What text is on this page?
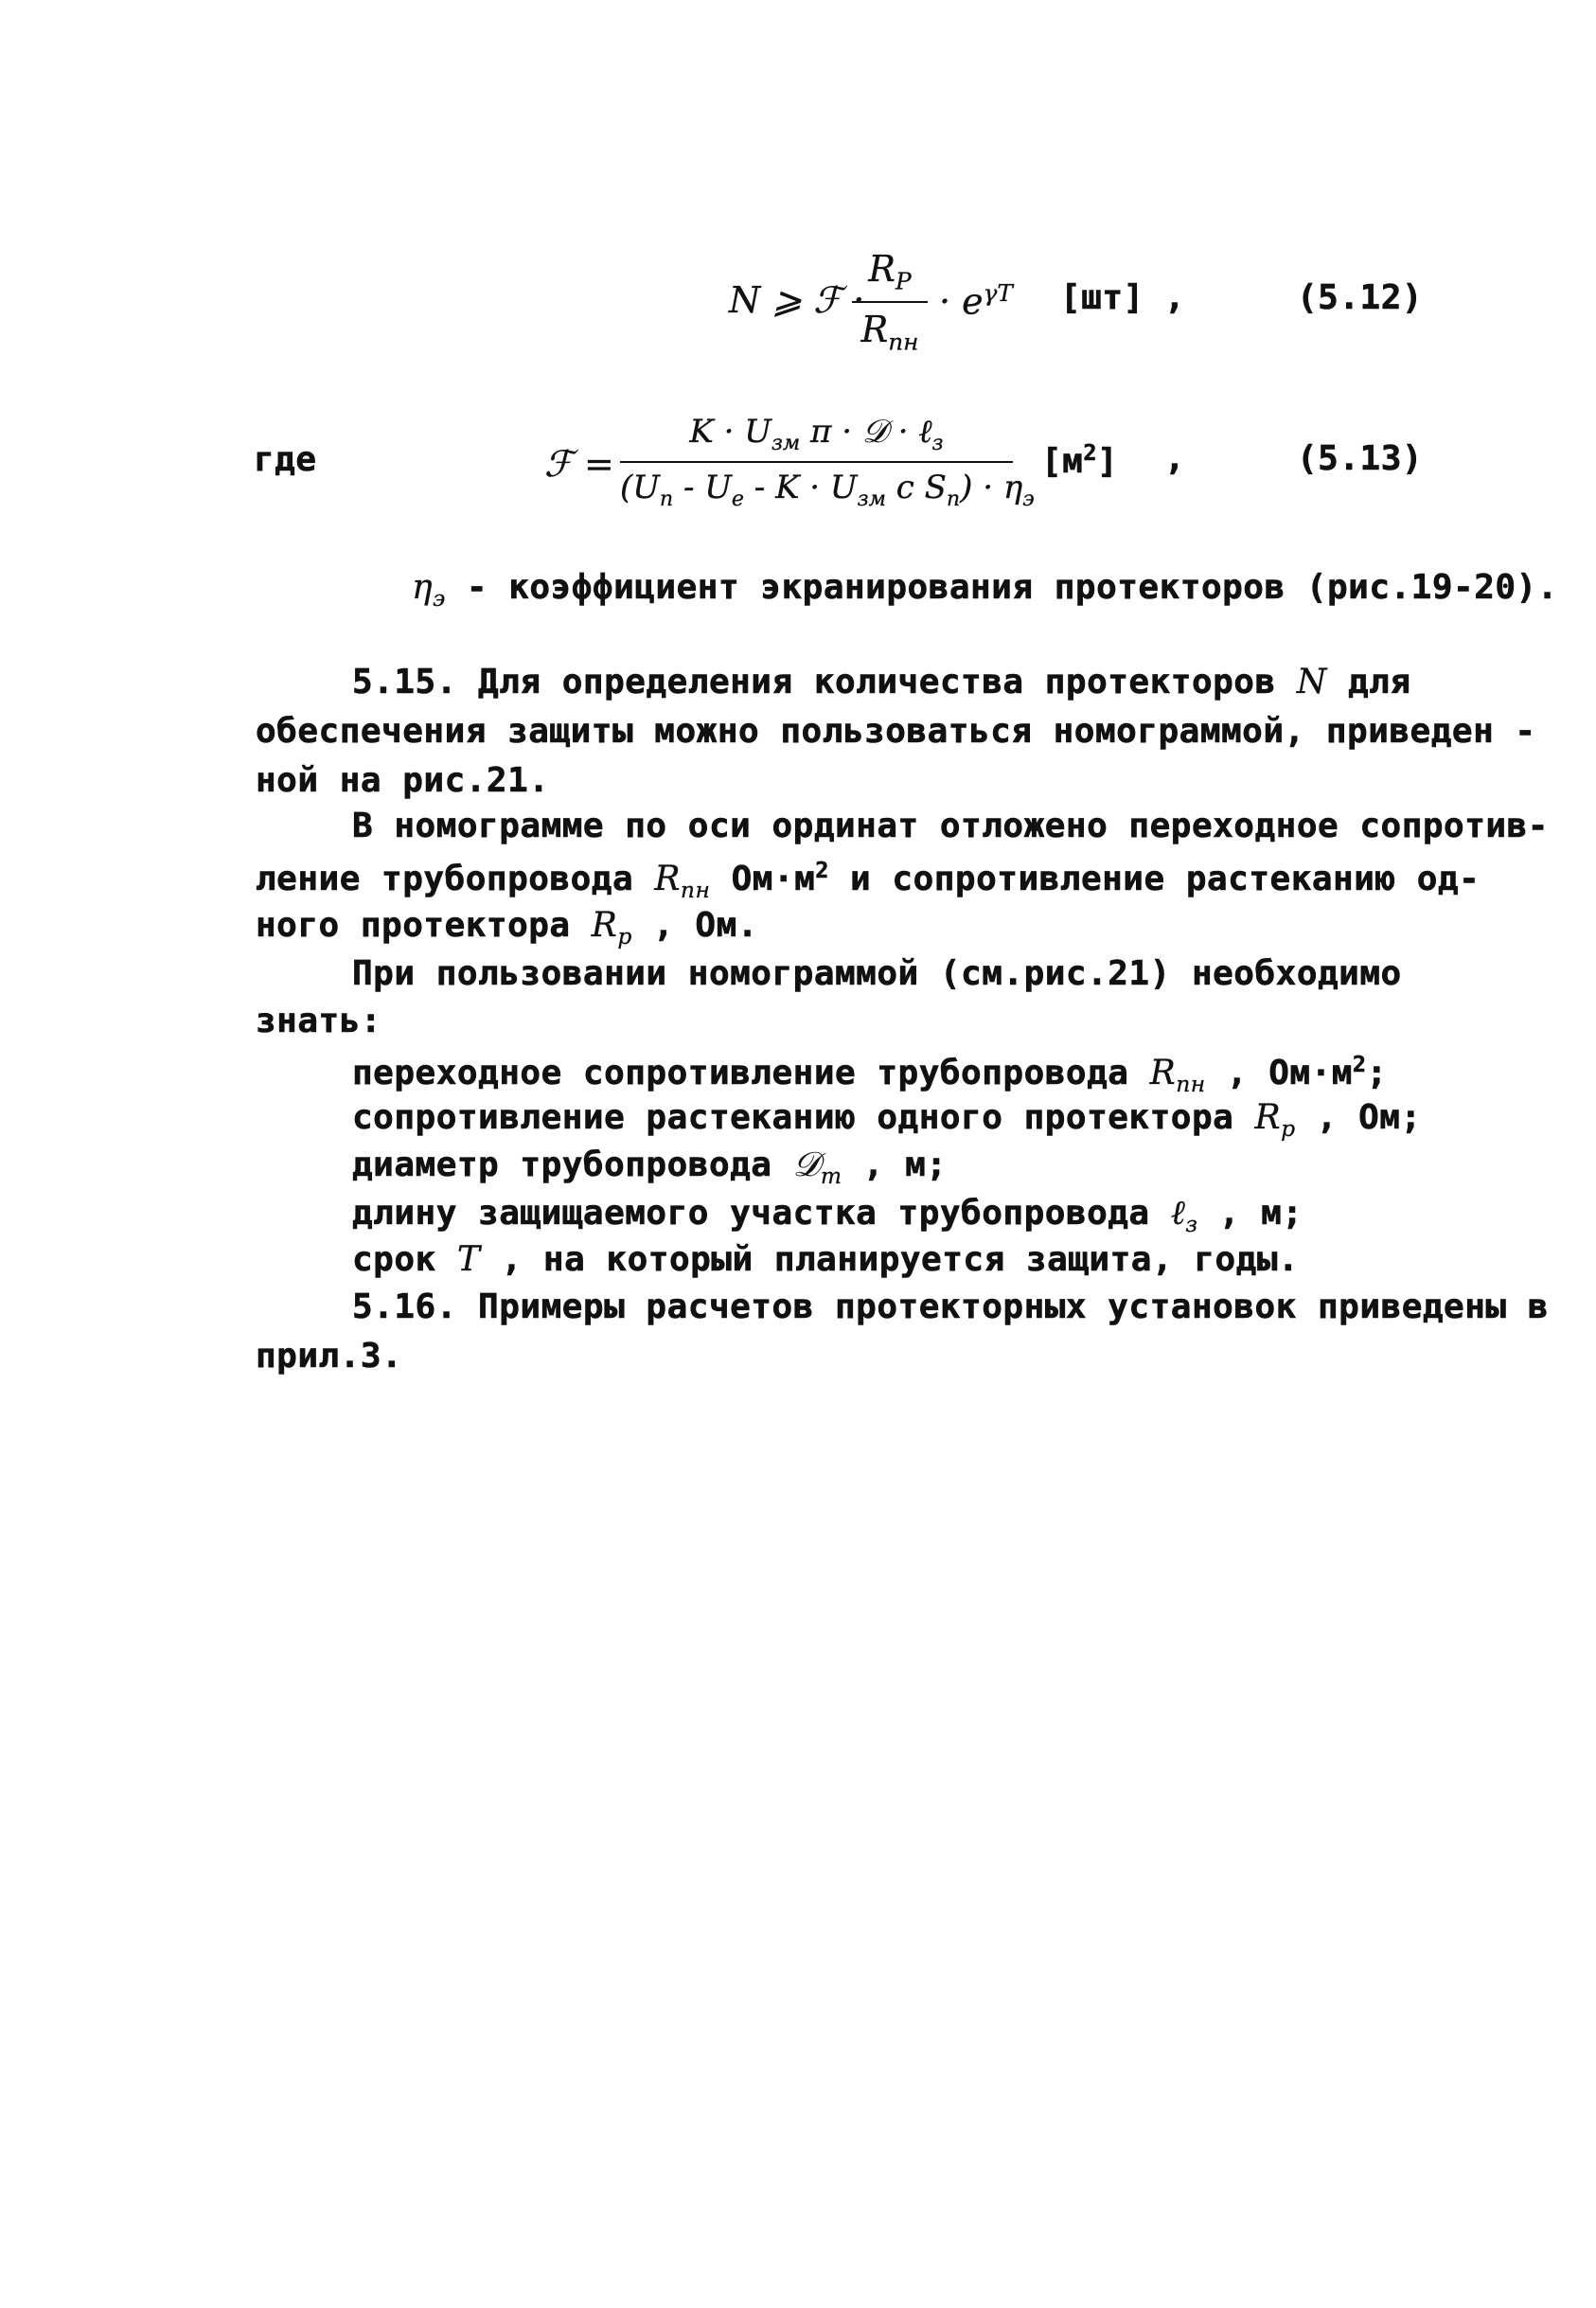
N ⩾ ℱ ·
$R_P$
$R_{пн}$
· $e^{\gamma T}$ [шт] ,	(5.12)
где	ℱ =
$K \cdot U_{зм}$ π · 𝒟 · ℓ$_з$
($U_п - U_е - K \cdot U_{зм}$ c $S_п) \cdot \eta_э$
$[м^2]$ ,	(5.13)
$\eta_э$ - коэффициент экранирования протекторов (рис.19-20).
5.15. Для определения количества протекторов N для
обеспечения защиты можно пользоваться номограммой, приведен -
ной на рис.21.
В номограмме по оси ординат отложено переходное сопротив-
ление трубопровода $R_{пн}$ $Ом\cdot м^2$ и сопротивление растеканию од-
ного протектора $R_p$ , Ом.
При пользовании номограммой (см.рис.21) необходимо
знать:
переходное сопротивление трубопровода $R_{пн}$ , $Ом\cdot м^2$;
сопротивление растеканию одного протектора $R_p$ , Ом;
диаметр трубопровода 𝒟$_т$ , м;
длину защищаемого участка трубопровода ℓ$_з$ , м;
срок T , на который планируется защита, годы.
5.16. Примеры расчетов протекторных установок приведены в
прил.3.
